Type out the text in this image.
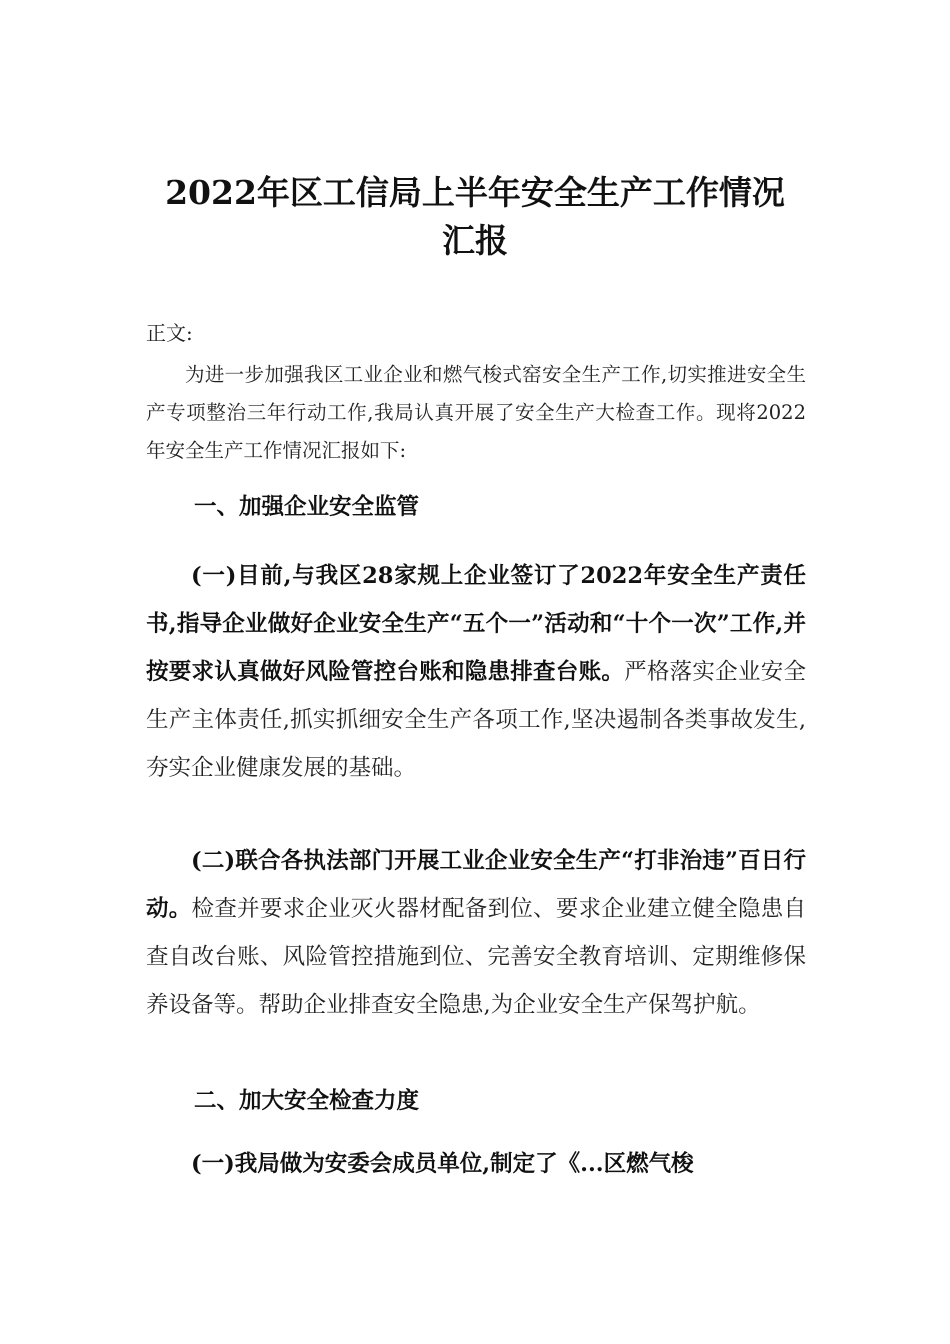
2022年区工信局上半年安全生产工作情况
汇报
正文:

为进一步加强我区工业企业和燃气梭式窑安全生产工作,切实推进安全生产专项整治三年行动工作,我局认真开展了安全生产大检查工作。现将2022年安全生产工作情况汇报如下:

一、加强企业安全监管

(一)目前,与我区28家规上企业签订了2022年安全生产责任书,指导企业做好企业安全生产“五个一”活动和“十个一次”工作,并按要求认真做好风险管控台账和隐患排查台账。严格落实企业安全生产主体责任,抓实抓细安全生产各项工作,坚决遏制各类事故发生,夯实企业健康发展的基础。

(二)联合各执法部门开展工业企业安全生产“打非治违”百日行动。检查并要求企业灭火器材配备到位、要求企业建立健全隐患自查自改台账、风险管控措施到位、完善安全教育培训、定期维修保养设备等。帮助企业排查安全隐患,为企业安全生产保驾护航。

二、加大安全检查力度

(一)我局做为安委会成员单位,制定了《...区燃气梭
